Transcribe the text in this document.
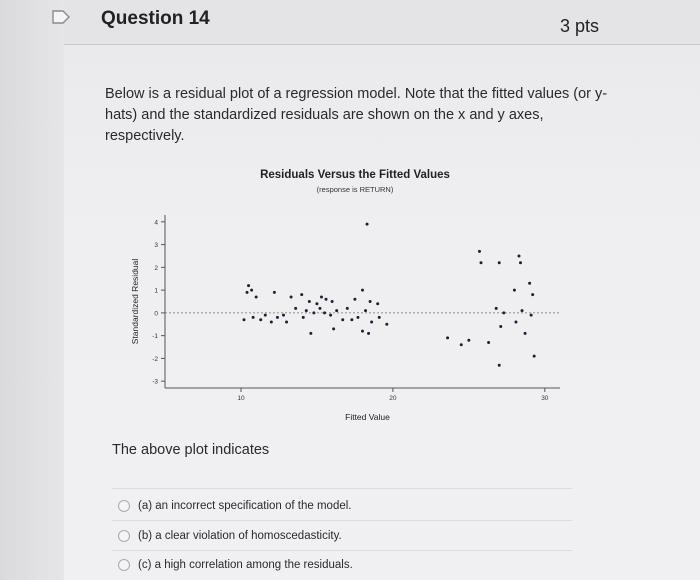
Question 14	3 pts
Below is a residual plot of a regression model. Note that the fitted values (or y-hats) and the standardized residuals are shown on the x and y axes, respectively.
Residuals Versus the Fitted Values
(response is RETURN)
4
3
2
1
0
-1
-2
-3
10	20	30
Fitted Value
Standardized Residual
The above plot indicates
(a) an incorrect specification of the model.
(b) a clear violation of homoscedasticity.
(c) a high correlation among the residuals.
